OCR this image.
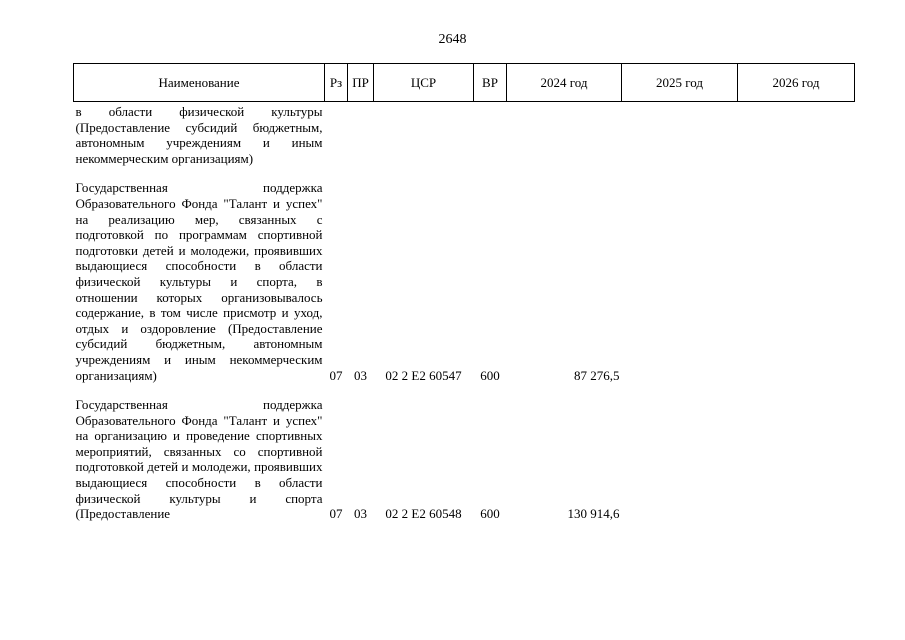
2648
Наименование	Рз	ПР	ЦСР	ВР	2024 год	2025 год	2026 год
в области физической культуры (Предоставление субсидий бюджетным, автономным учреждениям и иным некоммерческим организациям)							

Государственная поддержка Образовательного Фонда "Талант и успех" на реализацию мер, связанных с подготовкой по программам спортивной подготовки детей и молодежи, проявивших выдающиеся способности в области физической культуры и спорта, в отношении которых организовывалось содержание, в том числе присмотр и уход, отдых и оздоровление (Предоставление субсидий бюджетным, автономным учреждениям и иным некоммерческим организациям)	07	03	02 2 Е2 60547	600	87 276,5		

Государственная поддержка Образовательного Фонда "Талант и успех" на организацию и проведение спортивных мероприятий, связанных со спортивной подготовкой детей и молодежи, проявивших выдающиеся способности в области физической культуры и спорта (Предоставление	07	03	02 2 Е2 60548	600	130 914,6		
